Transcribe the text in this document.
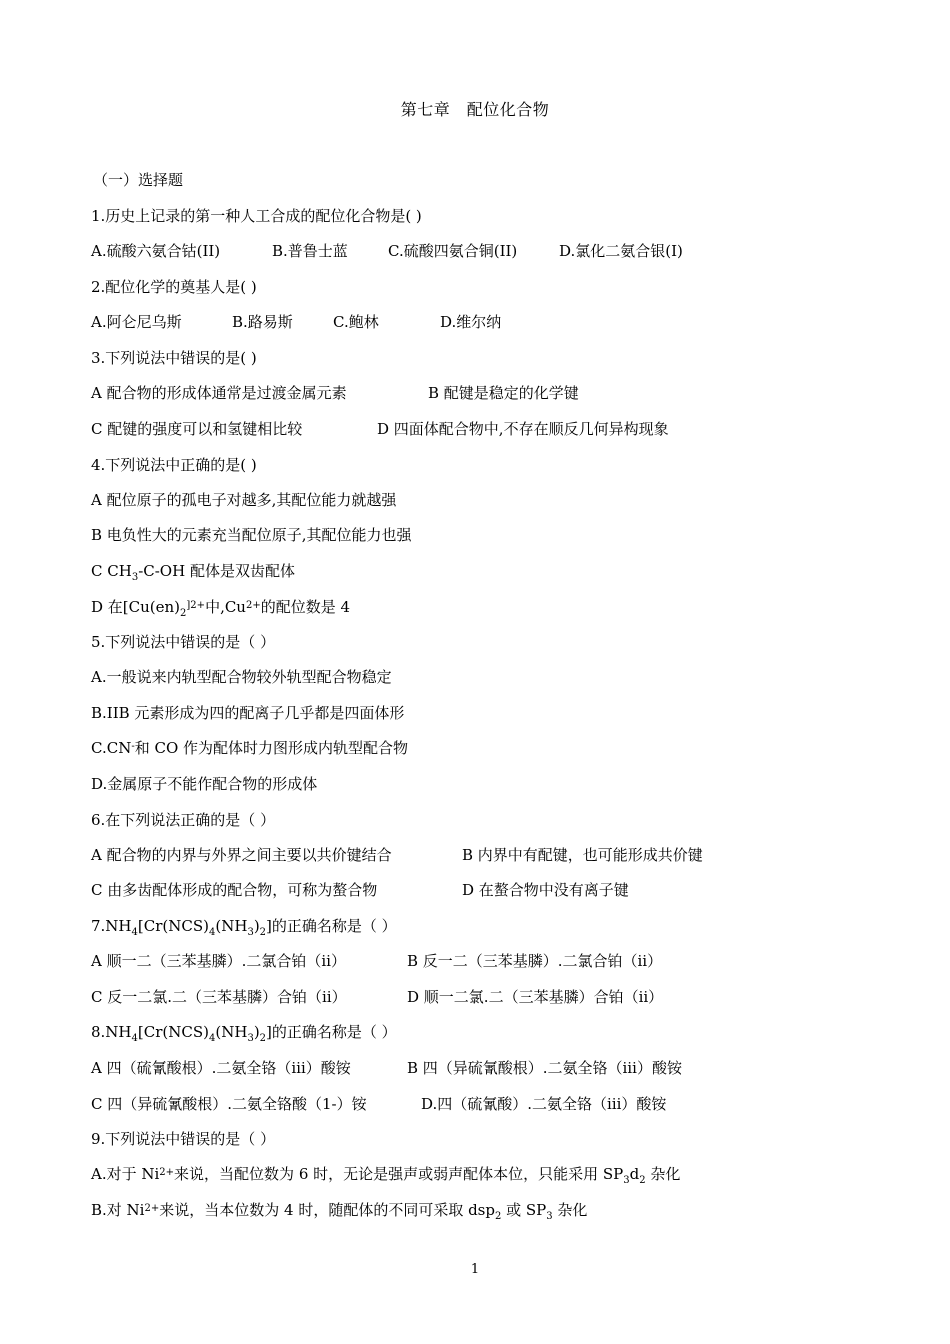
第七章　配位化合物
（一）选择题
1.历史上记录的第一种人工合成的配位化合物是( )
A.硫酸六氨合钴(II)	B.普鲁士蓝	C.硫酸四氨合铜(II)	D.氯化二氨合银(I)
2.配位化学的奠基人是( )
A.阿仑尼乌斯	B.路易斯	C.鲍林	D.维尔纳
3.下列说法中错误的是( )
A 配合物的形成体通常是过渡金属元素	B 配键是稳定的化学键
C 配键的强度可以和氢键相比较	D 四面体配合物中,不存在顺反几何异构现象
4.下列说法中正确的是( )
A 配位原子的孤电子对越多,其配位能力就越强
B 电负性大的元素充当配位原子,其配位能力也强
C $CH_3-C-OH$ 配体是双齿配体
D 在[$Cu(en)_2^{]2+}$中$,Cu^{2+}$的配位数是 4
5.下列说法中错误的是（ ）
A.一般说来内轨型配合物较外轨型配合物稳定
B.IIB 元素形成为四的配离子几乎都是四面体形
C.CN-和 CO 作为配体时力图形成内轨型配合物
D.金属原子不能作配合物的形成体
6.在下列说法正确的是（ ）
A 配合物的内界与外界之间主要以共价键结合	B 内界中有配键，也可能形成共价键
C 由多齿配体形成的配合物，可称为螯合物	D 在螯合物中没有离子键
$7.NH_4[Cr(NCS)_4(NH_3)_2]$的正确名称是（ ）
A 顺一二（三苯基膦）.二氯合铂（ⅱ）	B 反一二（三苯基膦）.二氯合铂（ⅱ）
C 反一二氯.二（三苯基膦）合铂（ⅱ）	D 顺一二氯.二（三苯基膦）合铂（ⅱ）
$8.NH_4[Cr(NCS)_4(NH_3)_2]$的正确名称是（ ）
A 四（硫氰酸根）.二氨全铬（ⅲ）酸铵	B 四（异硫氰酸根）.二氨全铬（ⅲ）酸铵
C 四（异硫氰酸根）.二氨全铬酸（1-）铵	D.四（硫氰酸）.二氨全铬（ⅲ）酸铵
9.下列说法中错误的是（ ）
A.对于 $Ni^{2+}$来说，当配位数为 6 时，无论是强声或弱声配体本位，只能采用 $SP_3d_2$ 杂化
B.对 $Ni^{2+}$来说，当本位数为 4 时，随配体的不同可采取 dsp$_2$ 或 $SP_3$ 杂化
1
